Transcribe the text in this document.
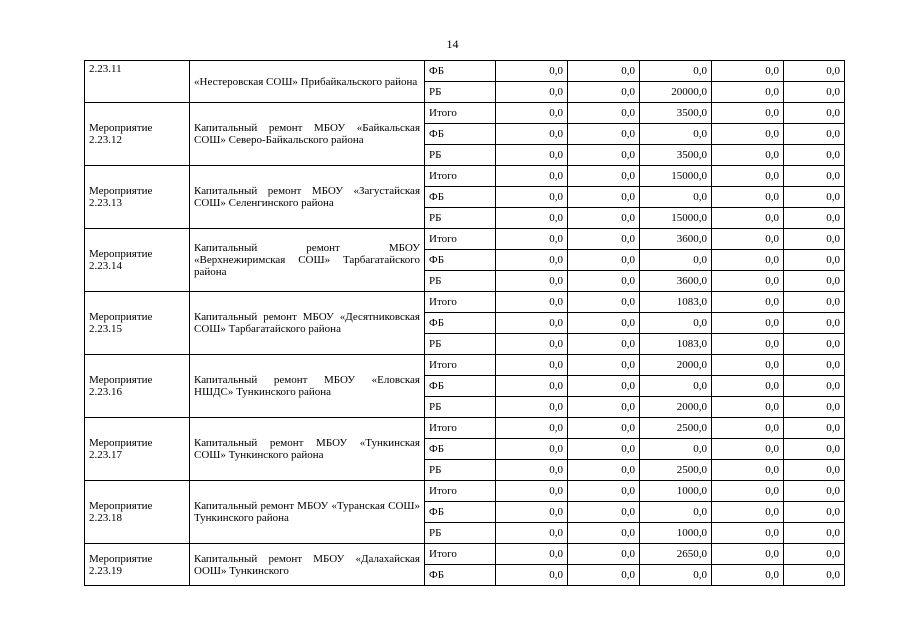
14
2.23.11	«Нестеровская СОШ» Прибайкальского района	ФБ	0,0	0,0	0,0	0,0	0,0
		РБ	0,0	0,0	20000,0	0,0	0,0
Мероприятие 2.23.12	Капитальный ремонт МБОУ «Байкальская СОШ» Северо-Байкальского района	Итого	0,0	0,0	3500,0	0,0	0,0
		ФБ	0,0	0,0	0,0	0,0	0,0
		РБ	0,0	0,0	3500,0	0,0	0,0
Мероприятие 2.23.13	Капитальный ремонт МБОУ «Загустайская СОШ» Селенгинского района	Итого	0,0	0,0	15000,0	0,0	0,0
		ФБ	0,0	0,0	0,0	0,0	0,0
		РБ	0,0	0,0	15000,0	0,0	0,0
Мероприятие 2.23.14	Капитальный ремонт МБОУ «Верхнежиримская СОШ» Тарбагатайского района	Итого	0,0	0,0	3600,0	0,0	0,0
		ФБ	0,0	0,0	0,0	0,0	0,0
		РБ	0,0	0,0	3600,0	0,0	0,0
Мероприятие 2.23.15	Капитальный ремонт МБОУ «Десятниковская СОШ» Тарбагатайского района	Итого	0,0	0,0	1083,0	0,0	0,0
		ФБ	0,0	0,0	0,0	0,0	0,0
		РБ	0,0	0,0	1083,0	0,0	0,0
Мероприятие 2.23.16	Капитальный ремонт МБОУ «Еловская НШДС» Тункинского района	Итого	0,0	0,0	2000,0	0,0	0,0
		ФБ	0,0	0,0	0,0	0,0	0,0
		РБ	0,0	0,0	2000,0	0,0	0,0
Мероприятие 2.23.17	Капитальный ремонт МБОУ «Тункинская СОШ» Тункинского района	Итого	0,0	0,0	2500,0	0,0	0,0
		ФБ	0,0	0,0	0,0	0,0	0,0
		РБ	0,0	0,0	2500,0	0,0	0,0
Мероприятие 2.23.18	Капитальный ремонт МБОУ «Туранская СОШ» Тункинского района	Итого	0,0	0,0	1000,0	0,0	0,0
		ФБ	0,0	0,0	0,0	0,0	0,0
		РБ	0,0	0,0	1000,0	0,0	0,0
Мероприятие 2.23.19	Капитальный ремонт МБОУ «Далахайская ООШ» Тункинского	Итого	0,0	0,0	2650,0	0,0	0,0
		ФБ	0,0	0,0	0,0	0,0	0,0
